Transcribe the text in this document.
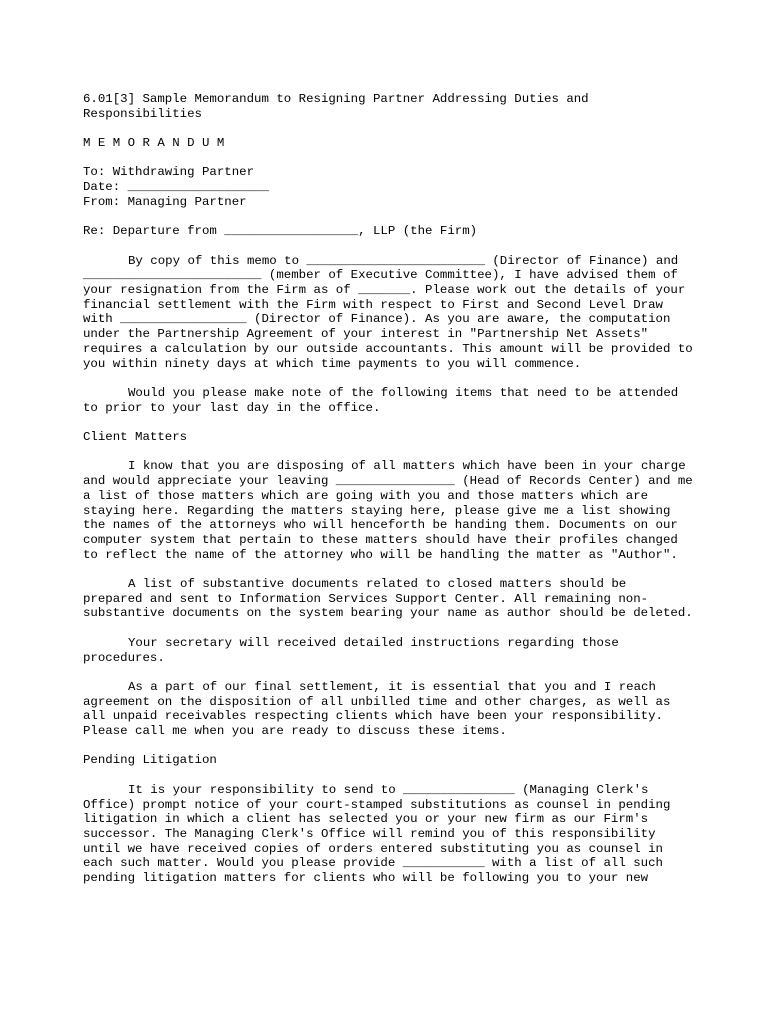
6.01[3] Sample Memorandum to Resigning Partner Addressing Duties and Responsibilities
M E M O R A N D U M
To: Withdrawing Partner
Date: ___________________
From: Managing Partner
Re: Departure from __________________, LLP (the Firm)
By copy of this memo to ________________________ (Director of Finance) and ________________________ (member of Executive Committee), I have advised them of your resignation from the Firm as of _______. Please work out the details of your financial settlement with the Firm with respect to First and Second Level Draw with _________________ (Director of Finance). As you are aware, the computation under the Partnership Agreement of your interest in "Partnership Net Assets" requires a calculation by our outside accountants. This amount will be provided to you within ninety days at which time payments to you will commence.
Would you please make note of the following items that need to be attended to prior to your last day in the office.
Client Matters
I know that you are disposing of all matters which have been in your charge and would appreciate your leaving ________________ (Head of Records Center) and me a list of those matters which are going with you and those matters which are staying here. Regarding the matters staying here, please give me a list showing the names of the attorneys who will henceforth be handing them. Documents on our computer system that pertain to these matters should have their profiles changed to reflect the name of the attorney who will be handling the matter as "Author".
A list of substantive documents related to closed matters should be prepared and sent to Information Services Support Center. All remaining non-substantive documents on the system bearing your name as author should be deleted.
Your secretary will received detailed instructions regarding those procedures.
As a part of our final settlement, it is essential that you and I reach agreement on the disposition of all unbilled time and other charges, as well as all unpaid receivables respecting clients which have been your responsibility. Please call me when you are ready to discuss these items.
Pending Litigation
It is your responsibility to send to _______________ (Managing Clerk's Office) prompt notice of your court-stamped substitutions as counsel in pending litigation in which a client has selected you or your new firm as our Firm's successor. The Managing Clerk's Office will remind you of this responsibility until we have received copies of orders entered substituting you as counsel in each such matter. Would you please provide ___________ with a list of all such pending litigation matters for clients who will be following you to your new
